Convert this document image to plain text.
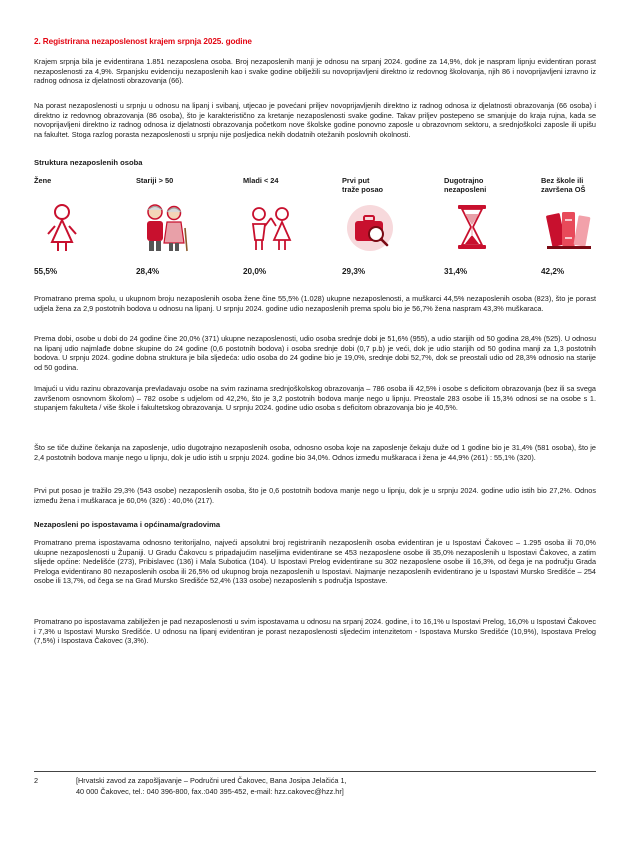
2. Registrirana nezaposlenost krajem srpnja 2025. godine

Krajem srpnja bila je evidentirana 1.851 nezaposlena osoba. Broj nezaposlenih manji je odnosu na srpanj 2024. godine za 14,9%, dok je naspram lipnju evidentiran porast nezaposlenosti za 4,9%. Srpanjsku evidenciju nezaposlenih kao i svake godine obilježili su novoprijavljeni direktno iz redovnog školovanja, njih 86 i novoprijavljeni izravno iz radnog odnosa iz djelatnosti obrazovanja (66).

Na porast nezaposlenosti u srpnju u odnosu na lipanj i svibanj, utjecao je povećani priljev novoprijavljenih direktno iz radnog odnosa iz djelatnosti obrazovanja (66 osoba) i direktno iz redovnog obrazovanja (86 osoba), što je karakteristično za kretanje nezaposlenosti svake godine. Takav priljev postepeno se smanjuje do kraja rujna, kada se novoprijavljeni direktno iz radnog odnosa iz djelatnosti obrazovanja početkom nove školske godine ponovno zaposle u obrazovnom sektoru, a srednjoškolci zaposle ili upišu na fakultet. Stoga razlog porasta nezaposlenosti u srpnju nije posljedica nekih dodatnih otežanih poslovnih okolnosti.

Struktura nezaposlenih osoba
Žene
55,5%
Stariji > 50
28,4%
Mladi < 24
20,0%
Prvi put
traže posao
29,3%
Dugotrajno
nezaposleni
31,4%
Bez škole ili
završena OŠ
42,2%

Promatrano prema spolu, u ukupnom broju nezaposlenih osoba žene čine 55,5% (1.028) ukupne nezaposlenosti, a muškarci 44,5% nezaposlenih osoba (823), što je porast udjela žena za 2,9 postotnih bodova u odnosu na lipanj. U srpnju 2024. godine udio nezaposlenih prema spolu bio je 56,7% žena naspram 43,3% muškaraca.

Prema dobi, osobe u dobi do 24 godine čine 20,0% (371) ukupne nezaposlenosti, udio osoba srednje dobi je 51,6% (955), a udio starijih od 50 godina 28,4% (525). U odnosu na lipanj udio najmlađe dobne skupine do 24 godine (0,6 postotnih bodova) i osoba srednje dobi (0,7 p.b) je veći, dok je udio starijih od 50 godina manji za 1,3 postotnih bodova. U srpnju 2024. godine dobna struktura je bila sljedeća: udio osoba do 24 godine bio je 19,0%, srednje dobi 52,7%, dok se preostali udio od 28,3% odnosio na starije od 50 godina.

Imajući u vidu razinu obrazovanja prevladavaju osobe na svim razinama srednjoškolskog obrazovanja – 786 osoba ili 42,5% i osobe s deficitom obrazovanja (bez ili sa svega završenom osnovnom školom) – 782 osobe s udjelom od 42,2%, što je 3,2 postotnih bodova manje nego u lipnju. Preostale 283 osobe ili 15,3% odnosi se na osobe s 1. stupanjem fakulteta / više škole i fakultetskog obrazovanja. U srpnju 2024. godine udio osoba s deficitom obrazovanja bio je 40,5%.

Što se tiče dužine čekanja na zaposlenje, udio dugotrajno nezaposlenih osoba, odnosno osoba koje na zaposlenje čekaju duže od 1 godine bio je 31,4% (581 osoba), što je 2,4 postotnih bodova manje nego u lipnju, dok je udio istih u srpnju 2024. godine bio 34,0%. Odnos između muškaraca i žena je 44,9% (261) : 55,1% (320).

Prvi put posao je tražilo 29,3% (543 osobe) nezaposlenih osoba, što je 0,6 postotnih bodova manje nego u lipnju, dok je u srpnju 2024. godine udio istih bio 27,2%. Odnos između žena i muškaraca je 60,0% (326) : 40,0% (217).

Nezaposleni po ispostavama i općinama/gradovima

Promatrano prema ispostavama odnosno teritorijalno, najveći apsolutni broj registriranih nezaposlenih osoba evidentiran je u Ispostavi Čakovec – 1.295 osoba ili 70,0% ukupne nezaposlenosti u Županiji. U Gradu Čakovcu s pripadajućim naseljima evidentirane se 453 nezaposlene osobe ili 35,0% nezaposlenih u Ispostavi Čakovec, a zatim slijede općine: Nedelišće (273), Pribislavec (136) i Mala Subotica (104). U Ispostavi Prelog evidentirane su 302 nezaposlene osobe ili 16,3%, od čega je na području Grada Preloga evidentirano 80 nezaposlenih osoba ili 26,5% od ukupnog broja nezaposlenih u Ispostavi. Najmanje nezaposlenih evidentirano je u Ispostavi Mursko Središće – 254 osobe ili 13,7%, od čega se na Grad Mursko Središće 52,4% (133 osobe) nezaposlenih s područja Ispostave.

Promatrano po ispostavama zabilježen je pad nezaposlenosti u svim ispostavama u odnosu na srpanj 2024. godine, i to 16,1% u Ispostavi Prelog, 16,0% u Ispostavi Čakovec i 7,3% u Ispostavi Mursko Središće. U odnosu na lipanj evidentiran je porast nezaposlenosti sljedećim intenzitetom - Ispostava Mursko Središće (10,9%), Ispostava Prelog (7,5%) i Ispostava Čakovec (3,3%).

2	[Hrvatski zavod za zapošljavanje – Područni ured Čakovec, Bana Josipa Jelačića 1,
40 000 Čakovec, tel.: 040 396-800, fax.:040 395-452, e-mail: hzz.cakovec@hzz.hr]
